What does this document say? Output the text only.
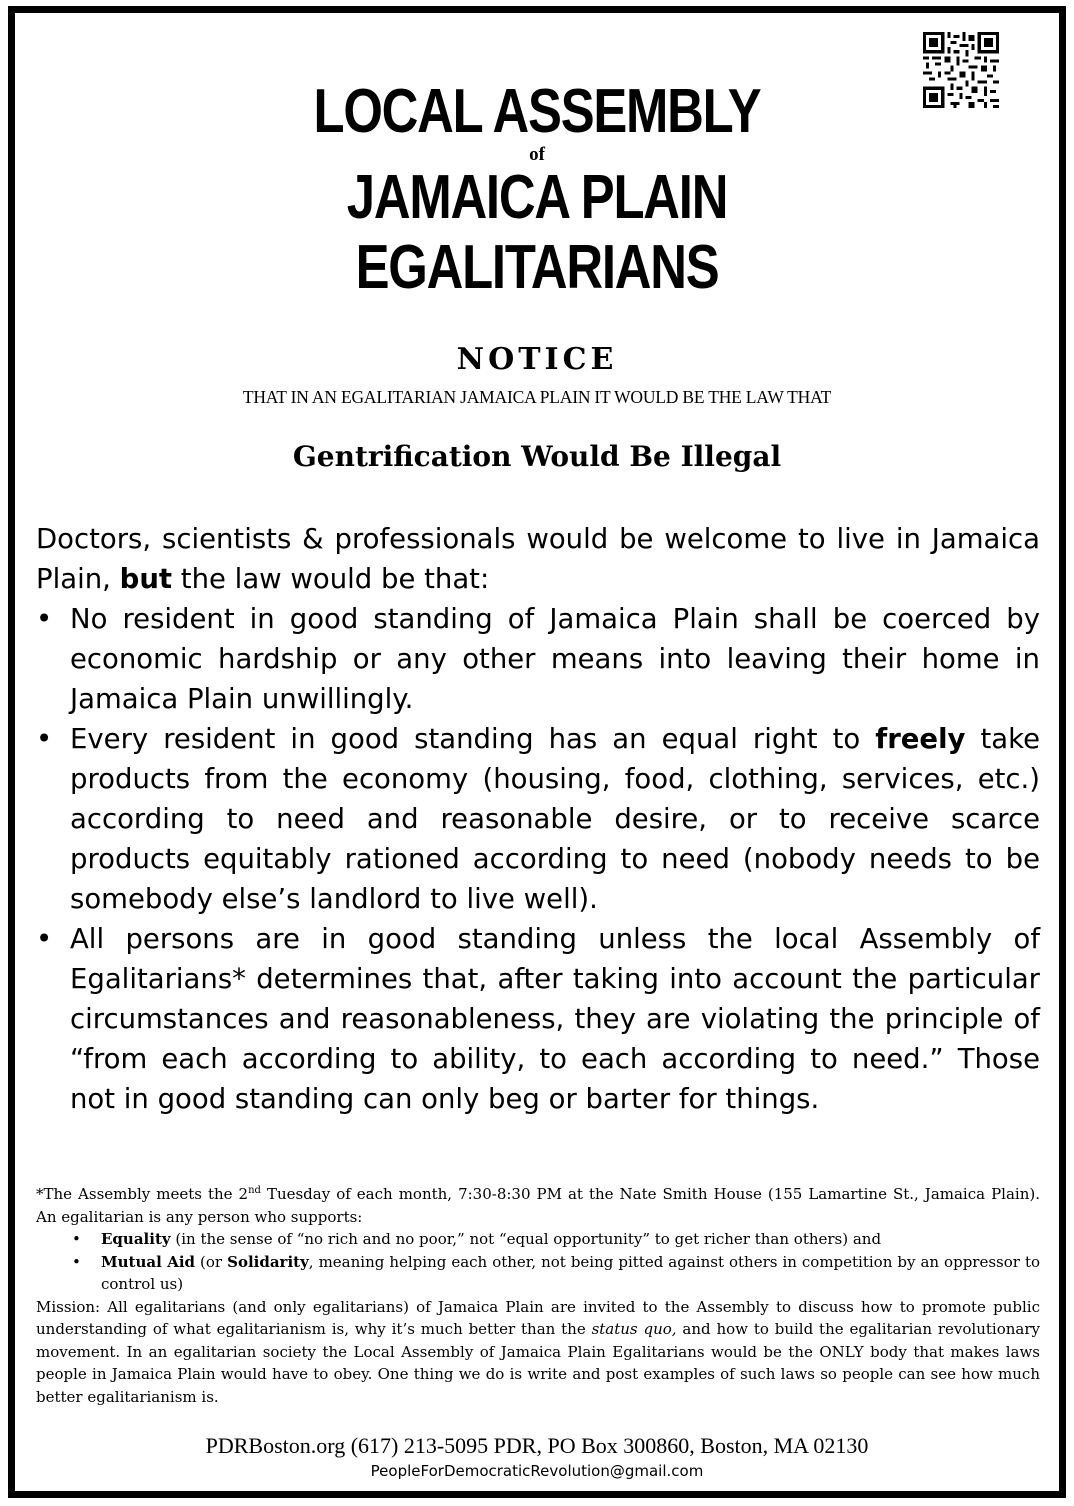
LOCAL ASSEMBLY
of
JAMAICA PLAIN
EGALITARIANS
NOTICE
THAT IN AN EGALITARIAN JAMAICA PLAIN IT WOULD BE THE LAW THAT
Gentrification Would Be Illegal

Doctors, scientists & professionals would be welcome to live in Jamaica Plain, but the law would be that:

• No resident in good standing of Jamaica Plain shall be coerced by economic hardship or any other means into leaving their home in Jamaica Plain unwillingly.
• Every resident in good standing has an equal right to freely take products from the economy (housing, food, clothing, services, etc.) according to need and reasonable desire, or to receive scarce products equitably rationed according to need (nobody needs to be somebody else’s landlord to live well).
• All persons are in good standing unless the local Assembly of Egalitarians* determines that, after taking into account the particular circumstances and reasonableness, they are violating the principle of “from each according to ability, to each according to need.” Those not in good standing can only beg or barter for things.

*The Assembly meets the 2nd Tuesday of each month, 7:30-8:30 PM at the Nate Smith House (155 Lamartine St., Jamaica Plain). An egalitarian is any person who supports:

• Equality (in the sense of “no rich and no poor,” not “equal opportunity” to get richer than others) and
• Mutual Aid (or Solidarity, meaning helping each other, not being pitted against others in competition by an oppressor to control us)

Mission: All egalitarians (and only egalitarians) of Jamaica Plain are invited to the Assembly to discuss how to promote public understanding of what egalitarianism is, why it’s much better than the status quo, and how to build the egalitarian revolutionary movement. In an egalitarian society the Local Assembly of Jamaica Plain Egalitarians would be the ONLY body that makes laws people in Jamaica Plain would have to obey. One thing we do is write and post examples of such laws so people can see how much better egalitarianism is.

PDRBoston.org (617) 213-5095 PDR, PO Box 300860, Boston, MA 02130
PeopleForDemocraticRevolution@gmail.com
